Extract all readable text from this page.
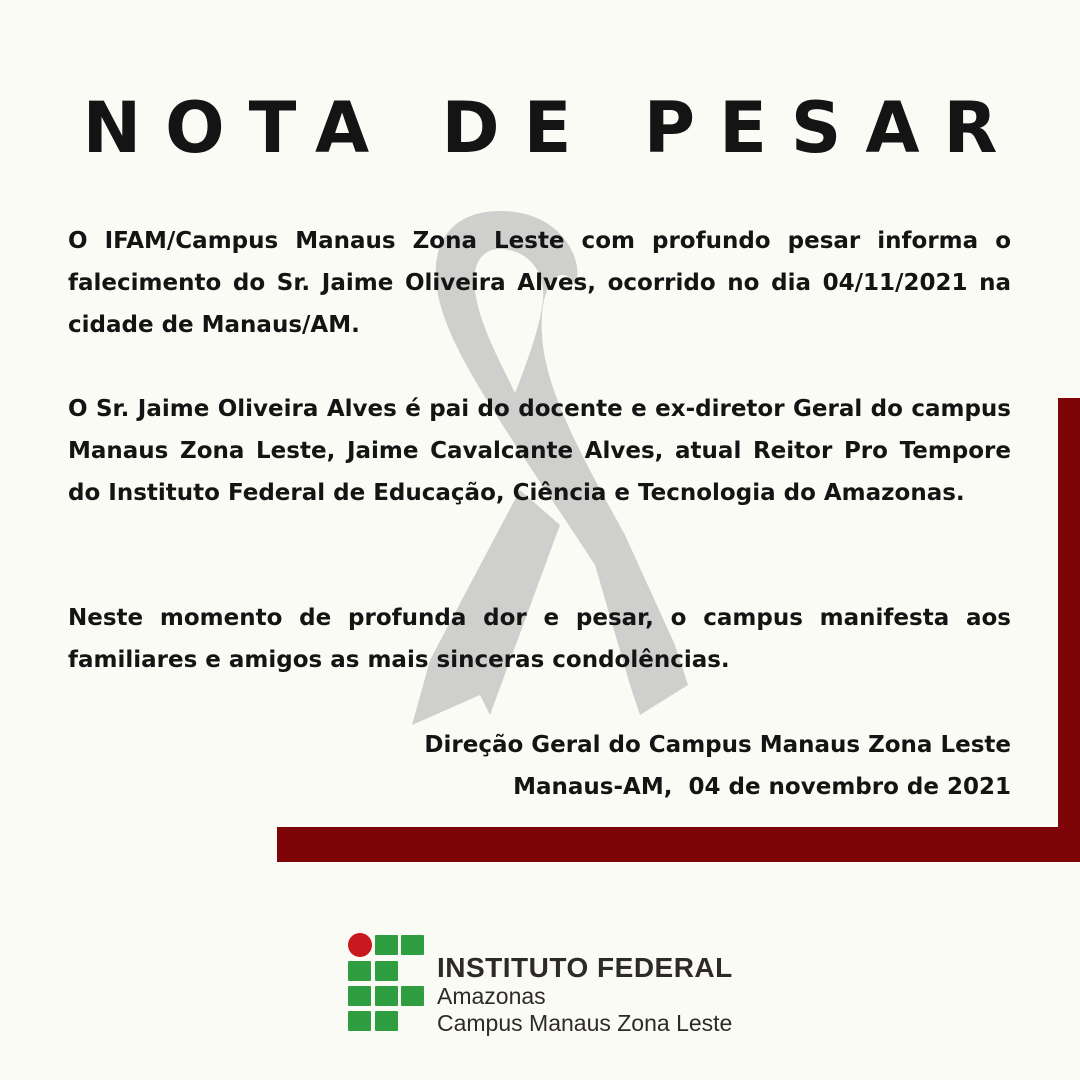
NOTA DE PESAR

O IFAM/Campus Manaus Zona Leste com profundo pesar informa o falecimento do Sr. Jaime Oliveira Alves, ocorrido no dia 04/11/2021 na cidade de Manaus/AM.

O Sr. Jaime Oliveira Alves é pai do docente e ex-diretor Geral do campus Manaus Zona Leste, Jaime Cavalcante Alves, atual Reitor Pro Tempore do Instituto Federal de Educação, Ciência e Tecnologia do Amazonas.

Neste momento de profunda dor e pesar, o campus manifesta aos familiares e amigos as mais sinceras condolências.

Direção Geral do Campus Manaus Zona Leste
Manaus-AM,  04 de novembro de 2021
INSTITUTO FEDERAL
Amazonas
Campus Manaus Zona Leste
